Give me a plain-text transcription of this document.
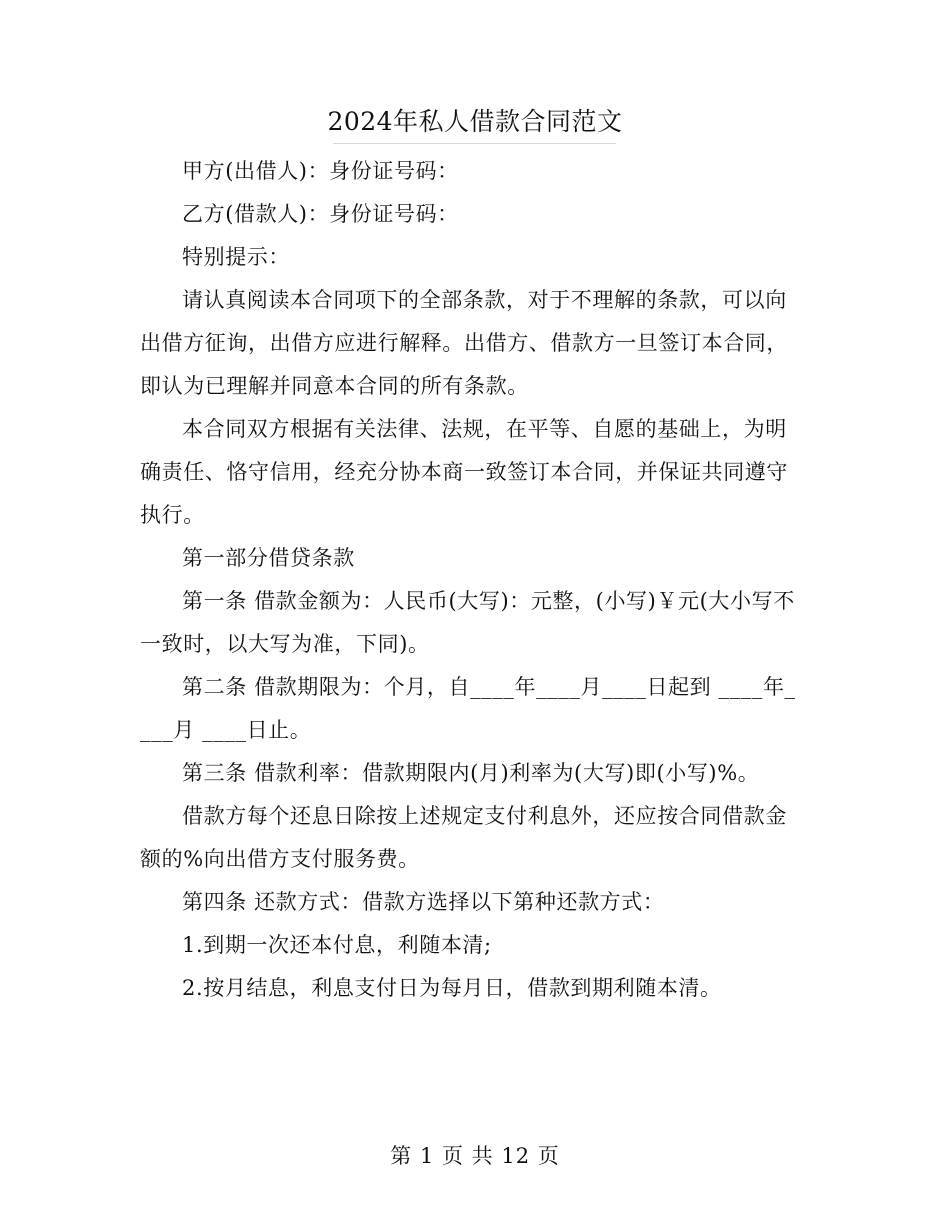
2024年私人借款合同范文

甲方(出借人)：身份证号码：

乙方(借款人)：身份证号码：

特别提示：

请认真阅读本合同项下的全部条款，对于不理解的条款，可以向出借方征询，出借方应进行解释。出借方、借款方一旦签订本合同，即认为已理解并同意本合同的所有条款。

本合同双方根据有关法律、法规，在平等、自愿的基础上，为明确责任、恪守信用，经充分协本商一致签订本合同，并保证共同遵守执行。

第一部分借贷条款

第一条 借款金额为：人民币(大写)：元整，(小写)￥元(大小写不一致时，以大写为准，下同)。

第二条 借款期限为：个月，自____年____月____日起到 ____年____月 ____日止。

第三条 借款利率：借款期限内(月)利率为(大写)即(小写)%。

借款方每个还息日除按上述规定支付利息外，还应按合同借款金额的%向出借方支付服务费。

第四条 还款方式：借款方选择以下第种还款方式：

1.到期一次还本付息，利随本清;

2.按月结息，利息支付日为每月日，借款到期利随本清。

第 1 页 共 12 页
